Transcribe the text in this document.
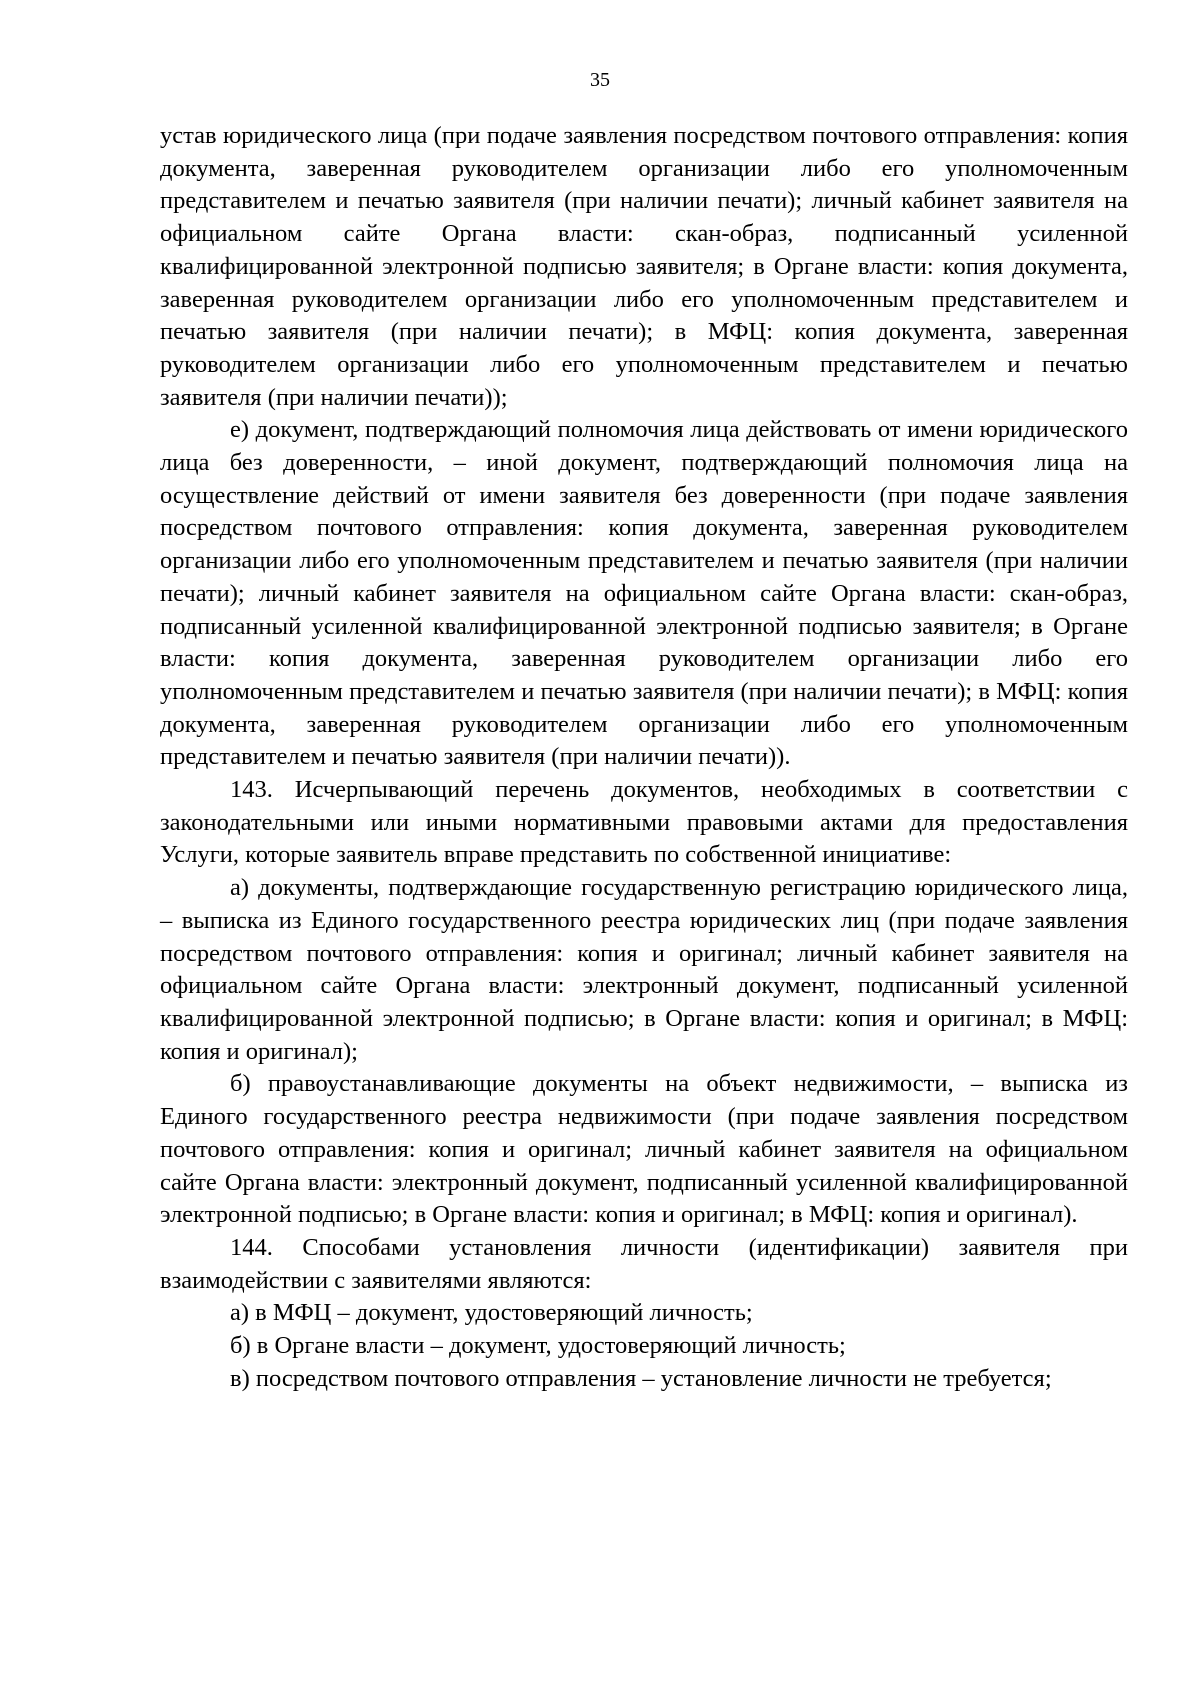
35

устав юридического лица (при подаче заявления посредством почтового отправления: копия документа, заверенная руководителем организации либо его уполномоченным представителем и печатью заявителя (при наличии печати); личный кабинет заявителя на официальном сайте Органа власти: скан-образ, подписанный усиленной квалифицированной электронной подписью заявителя; в Органе власти: копия документа, заверенная руководителем организации либо его уполномоченным представителем и печатью заявителя (при наличии печати); в МФЦ: копия документа, заверенная руководителем организации либо его уполномоченным представителем и печатью заявителя (при наличии печати));

е) документ, подтверждающий полномочия лица действовать от имени юридического лица без доверенности, – иной документ, подтверждающий полномочия лица на осуществление действий от имени заявителя без доверенности (при подаче заявления посредством почтового отправления: копия документа, заверенная руководителем организации либо его уполномоченным представителем и печатью заявителя (при наличии печати); личный кабинет заявителя на официальном сайте Органа власти: скан-образ, подписанный усиленной квалифицированной электронной подписью заявителя; в Органе власти: копия документа, заверенная руководителем организации либо его уполномоченным представителем и печатью заявителя (при наличии печати); в МФЦ: копия документа, заверенная руководителем организации либо его уполномоченным представителем и печатью заявителя (при наличии печати)).

143. Исчерпывающий перечень документов, необходимых в соответствии с законодательными или иными нормативными правовыми актами для предоставления Услуги, которые заявитель вправе представить по собственной инициативе:

а) документы, подтверждающие государственную регистрацию юридического лица, – выписка из Единого государственного реестра юридических лиц (при подаче заявления посредством почтового отправления: копия и оригинал; личный кабинет заявителя на официальном сайте Органа власти: электронный документ, подписанный усиленной квалифицированной электронной подписью; в Органе власти: копия и оригинал; в МФЦ: копия и оригинал);

б) правоустанавливающие документы на объект недвижимости, – выписка из Единого государственного реестра недвижимости (при подаче заявления посредством почтового отправления: копия и оригинал; личный кабинет заявителя на официальном сайте Органа власти: электронный документ, подписанный усиленной квалифицированной электронной подписью; в Органе власти: копия и оригинал; в МФЦ: копия и оригинал).

144. Способами установления личности (идентификации) заявителя при взаимодействии с заявителями являются:

а) в МФЦ – документ, удостоверяющий личность;

б) в Органе власти – документ, удостоверяющий личность;

в) посредством почтового отправления – установление личности не требуется;
